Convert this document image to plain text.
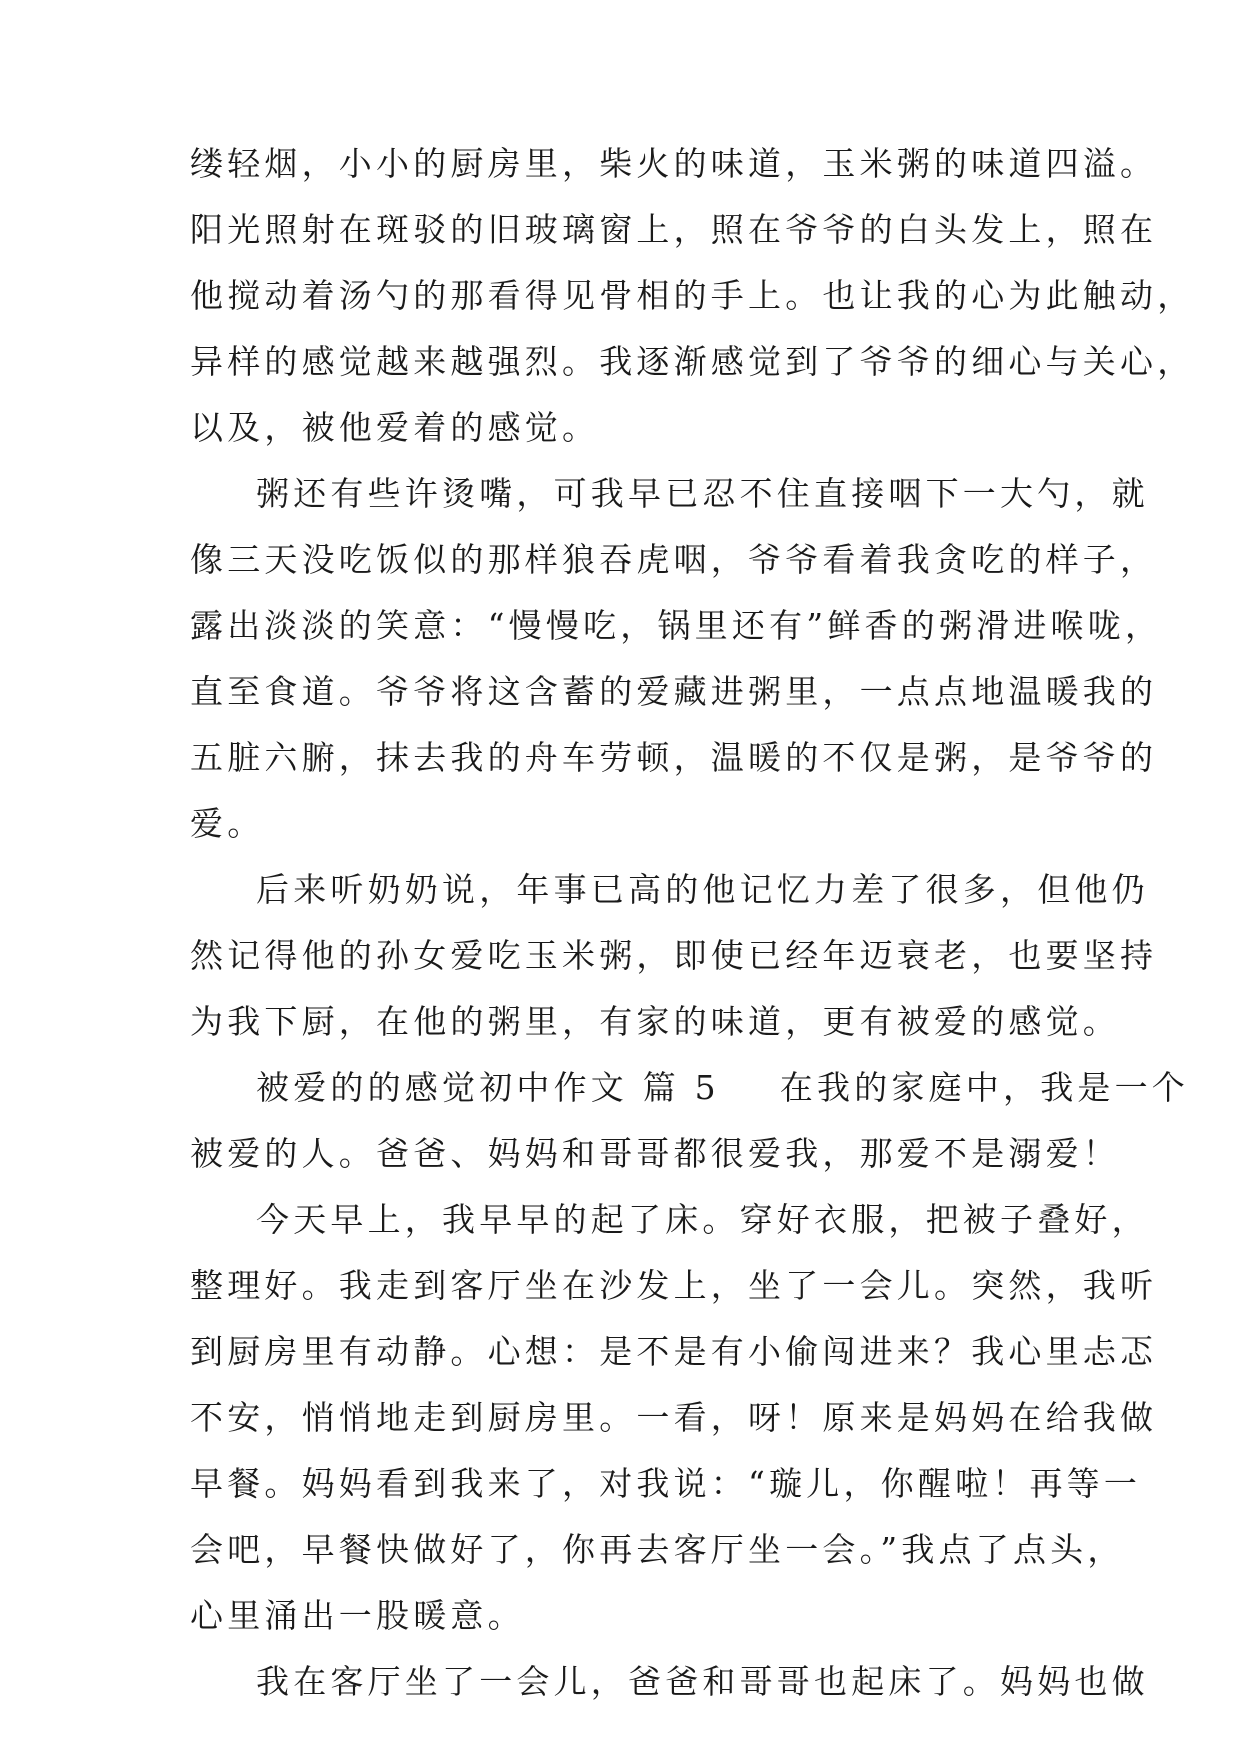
缕轻烟，小小的厨房里，柴火的味道，玉米粥的味道四溢。
阳光照射在斑驳的旧玻璃窗上，照在爷爷的白头发上，照在
他搅动着汤勺的那看得见骨相的手上。也让我的心为此触动，
异样的感觉越来越强烈。我逐渐感觉到了爷爷的细心与关心，
以及，被他爱着的感觉。
粥还有些许烫嘴，可我早已忍不住直接咽下一大勺，就
像三天没吃饭似的那样狼吞虎咽，爷爷看着我贪吃的样子，
露出淡淡的笑意：“慢慢吃，锅里还有”鲜香的粥滑进喉咙，
直至食道。爷爷将这含蓄的爱藏进粥里，一点点地温暖我的
五脏六腑，抹去我的舟车劳顿，温暖的不仅是粥，是爷爷的
爱。
后来听奶奶说，年事已高的他记忆力差了很多，但他仍
然记得他的孙女爱吃玉米粥，即使已经年迈衰老，也要坚持
为我下厨，在他的粥里，有家的味道，更有被爱的感觉。
被爱的的感觉初中作文 篇 5 在我的家庭中，我是一个
被爱的人。爸爸、妈妈和哥哥都很爱我，那爱不是溺爱！
今天早上，我早早的起了床。穿好衣服，把被子叠好，
整理好。我走到客厅坐在沙发上，坐了一会儿。突然，我听
到厨房里有动静。心想：是不是有小偷闯进来？我心里忐忑
不安，悄悄地走到厨房里。一看，呀！原来是妈妈在给我做
早餐。妈妈看到我来了，对我说：“璇儿，你醒啦！再等一
会吧，早餐快做好了，你再去客厅坐一会。”我点了点头，
心里涌出一股暖意。
我在客厅坐了一会儿，爸爸和哥哥也起床了。妈妈也做
